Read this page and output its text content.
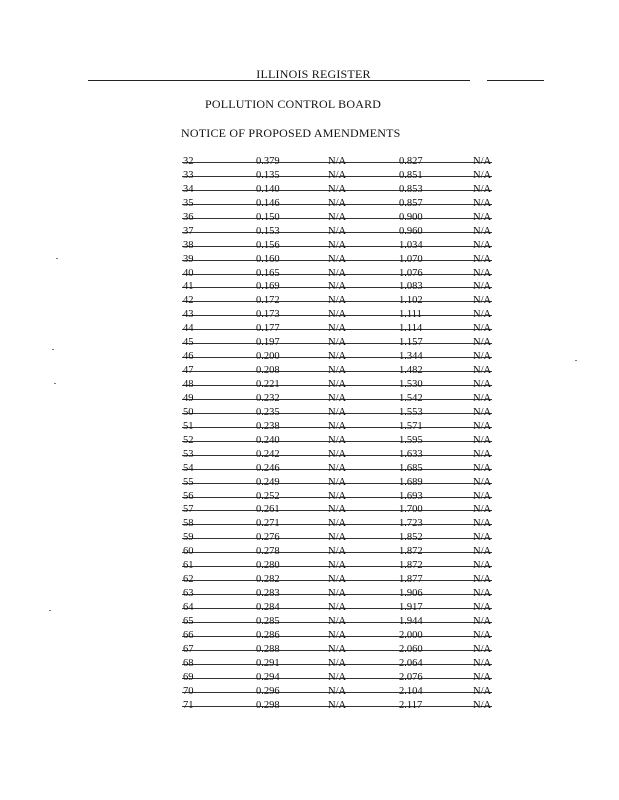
ILLINOIS REGISTER
POLLUTION CONTROL BOARD
NOTICE OF PROPOSED AMENDMENTS
32	0.379	N/A	0.827	N/A
33	0.135	N/A	0.851	N/A
34	0.140	N/A	0.853	N/A
35	0.146	N/A	0.857	N/A
36	0.150	N/A	0.900	N/A
37	0.153	N/A	0.960	N/A
38	0.156	N/A	1.034	N/A
39	0.160	N/A	1.070	N/A
40	0.165	N/A	1.076	N/A
41	0.169	N/A	1.083	N/A
42	0.172	N/A	1.102	N/A
43	0.173	N/A	1.111	N/A
44	0.177	N/A	1.114	N/A
45	0.197	N/A	1.157	N/A
46	0.200	N/A	1.344	N/A
47	0.208	N/A	1.482	N/A
48	0.221	N/A	1.530	N/A
49	0.232	N/A	1.542	N/A
50	0.235	N/A	1.553	N/A
51	0.238	N/A	1.571	N/A
52	0.240	N/A	1.595	N/A
53	0.242	N/A	1.633	N/A
54	0.246	N/A	1.685	N/A
55	0.249	N/A	1.689	N/A
56	0.252	N/A	1.693	N/A
57	0.261	N/A	1.700	N/A
58	0.271	N/A	1.723	N/A
59	0.276	N/A	1.852	N/A
60	0.278	N/A	1.872	N/A
61	0.280	N/A	1.872	N/A
62	0.282	N/A	1.877	N/A
63	0.283	N/A	1.906	N/A
64	0.284	N/A	1.917	N/A
65	0.285	N/A	1.944	N/A
66	0.286	N/A	2.000	N/A
67	0.288	N/A	2.060	N/A
68	0.291	N/A	2.064	N/A
69	0.294	N/A	2.076	N/A
70	0.296	N/A	2.104	N/A
71	0.298	N/A	2.117	N/A
